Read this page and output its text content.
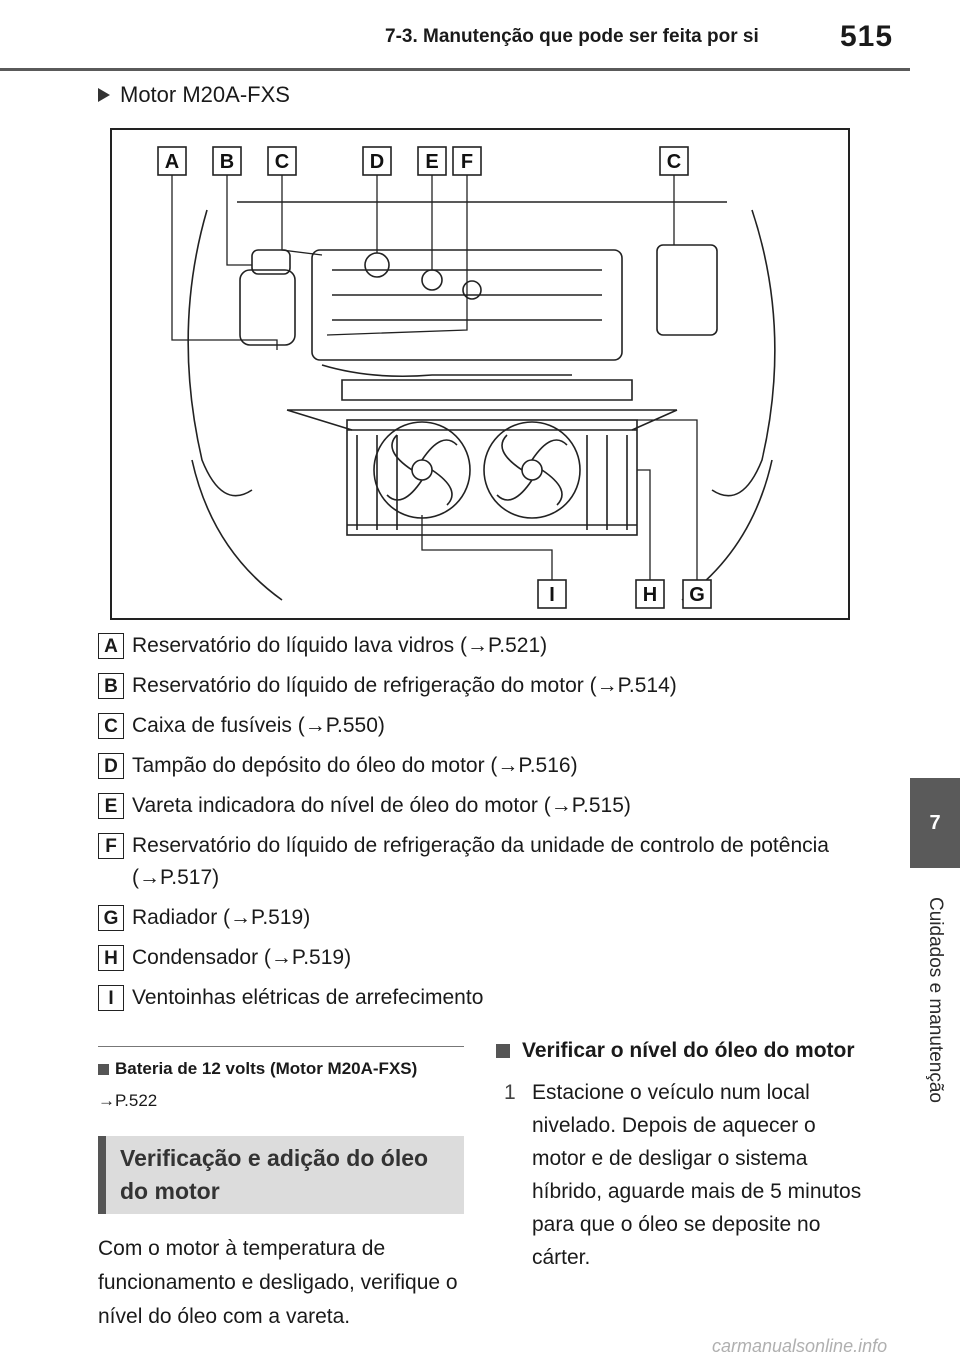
7-3. Manutenção que pode ser feita por si	515
7
Cuidados e manutenção
Motor M20A-FXS
A B C	D E F	C
I	H G
A Reservatório do líquido lava vidros (→P.521)
B Reservatório do líquido de refrigeração do motor (→P.514)
C Caixa de fusíveis (→P.550)
D Tampão do depósito do óleo do motor (→P.516)
E Vareta indicadora do nível de óleo do motor (→P.515)
F Reservatório do líquido de refrigeração da unidade de controlo de potência (→P.517)
G Radiador (→P.519)
H Condensador (→P.519)
I Ventoinhas elétricas de arrefecimento
Bateria de 12 volts (Motor M20A-FXS)
→P.522
Verificação e adição do óleo
do motor
Com o motor à temperatura de funcionamento e desligado, verifique o nível do óleo com a vareta.
Verificar o nível do óleo do motor
1 Estacione o veículo num local nivelado. Depois de aquecer o motor e de desligar o sistema híbrido, aguarde mais de 5 minutos para que o óleo se deposite no cárter.
carmanualsonline.info
